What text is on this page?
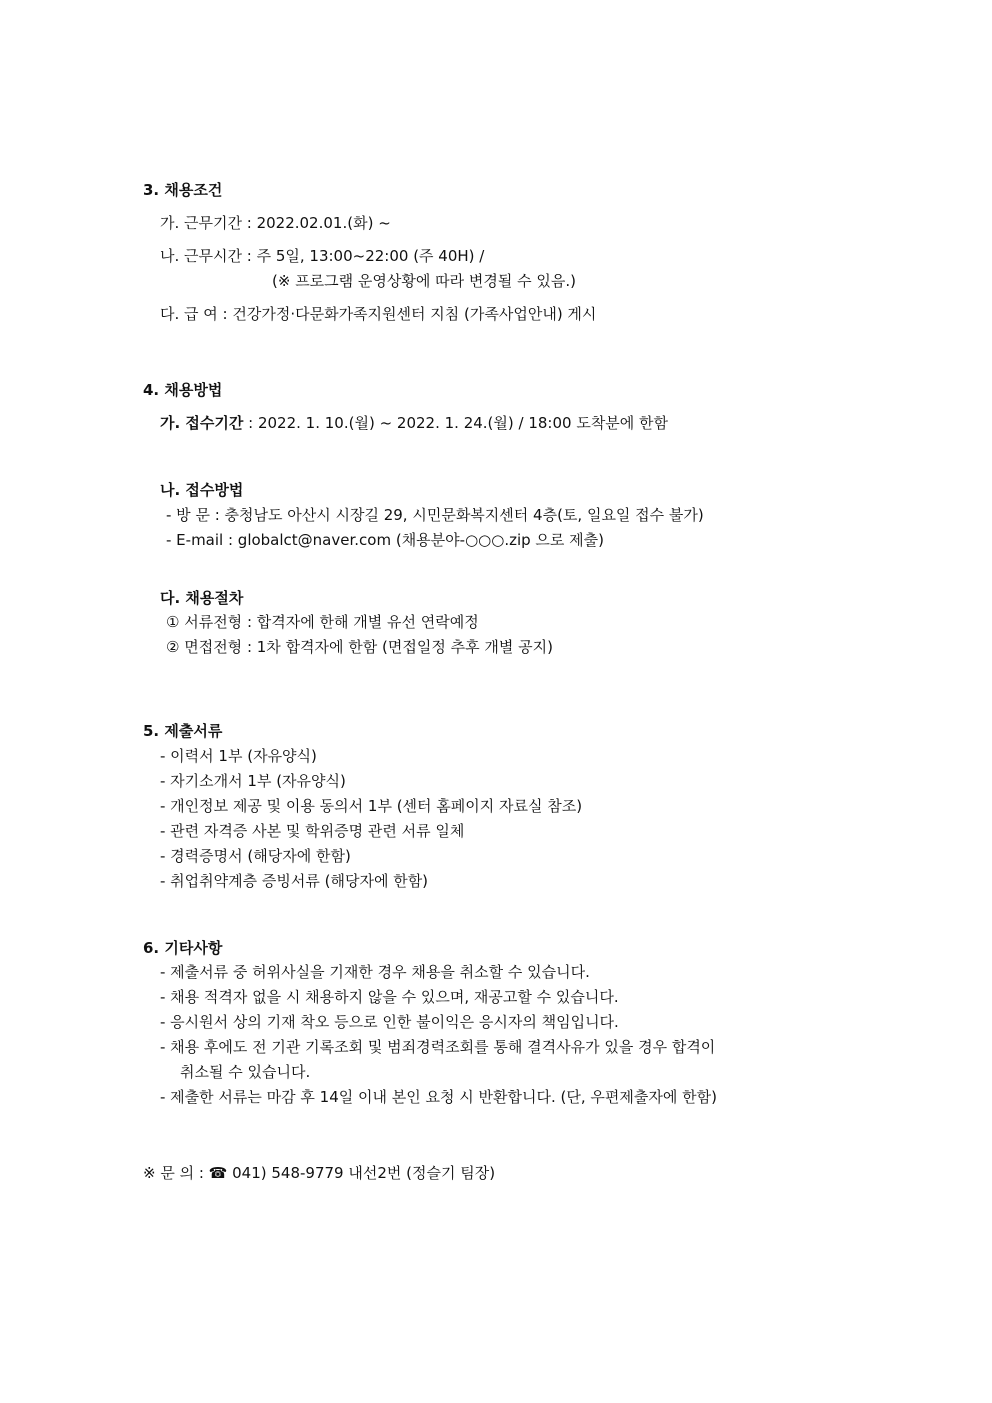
3. 채용조건
가. 근무기간 : 2022.02.01.(화) ~
나. 근무시간 : 주 5일, 13:00~22:00 (주 40H) /
(※ 프로그램 운영상황에 따라 변경될 수 있음.)
다. 급 여 : 건강가정·다문화가족지원센터 지침 (가족사업안내) 게시
4. 채용방법
가. 접수기간 : 2022. 1. 10.(월) ~ 2022. 1. 24.(월) / 18:00 도착분에 한함
나. 접수방법
- 방 문 : 충청남도 아산시 시장길 29, 시민문화복지센터 4층(토, 일요일 접수 불가)
- E-mail : globalct@naver.com (채용분야-○○○.zip 으로 제출)
다. 채용절차
① 서류전형 : 합격자에 한해 개별 유선 연락예정
② 면접전형 : 1차 합격자에 한함 (면접일정 추후 개별 공지)
5. 제출서류
- 이력서 1부 (자유양식)
- 자기소개서 1부 (자유양식)
- 개인정보 제공 및 이용 동의서 1부 (센터 홈페이지 자료실 참조)
- 관련 자격증 사본 및 학위증명 관련 서류 일체
- 경력증명서 (해당자에 한함)
- 취업취약계층 증빙서류 (해당자에 한함)
6. 기타사항
- 제출서류 중 허위사실을 기재한 경우 채용을 취소할 수 있습니다.
- 채용 적격자 없을 시 채용하지 않을 수 있으며, 재공고할 수 있습니다.
- 응시원서 상의 기재 착오 등으로 인한 불이익은 응시자의 책임입니다.
- 채용 후에도 전 기관 기록조회 및 범죄경력조회를 통해 결격사유가 있을 경우 합격이
취소될 수 있습니다.
- 제출한 서류는 마감 후 14일 이내 본인 요청 시 반환합니다. (단, 우편제출자에 한함)
※ 문 의 : ☎ 041) 548-9779 내선2번 (정슬기 팀장)
